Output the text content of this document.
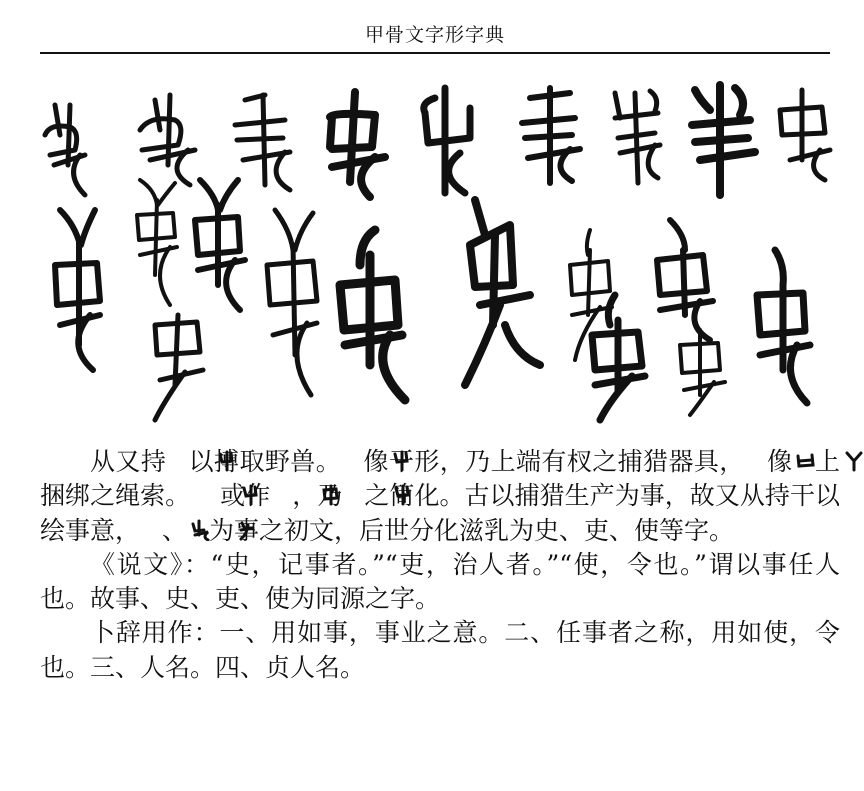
甲骨文字形字典

从又持 以搏取野兽。 像干形，乃上端有杈之捕猎器具， 像 上捆绑之绳索。 或作 ，乃 之简化。古以捕猎生产为事，故又从持干以绘事意， 、 为事之初文，后世分化滋乳为史、吏、使等字。

《说文》：“史，记事者。”“吏，治人者。”“使，令也。”谓以事任人也。故事、史、吏、使为同源之字。

卜辞用作：一、用如事，事业之意。二、任事者之称，用如使，令也。三、人名。四、贞人名。
